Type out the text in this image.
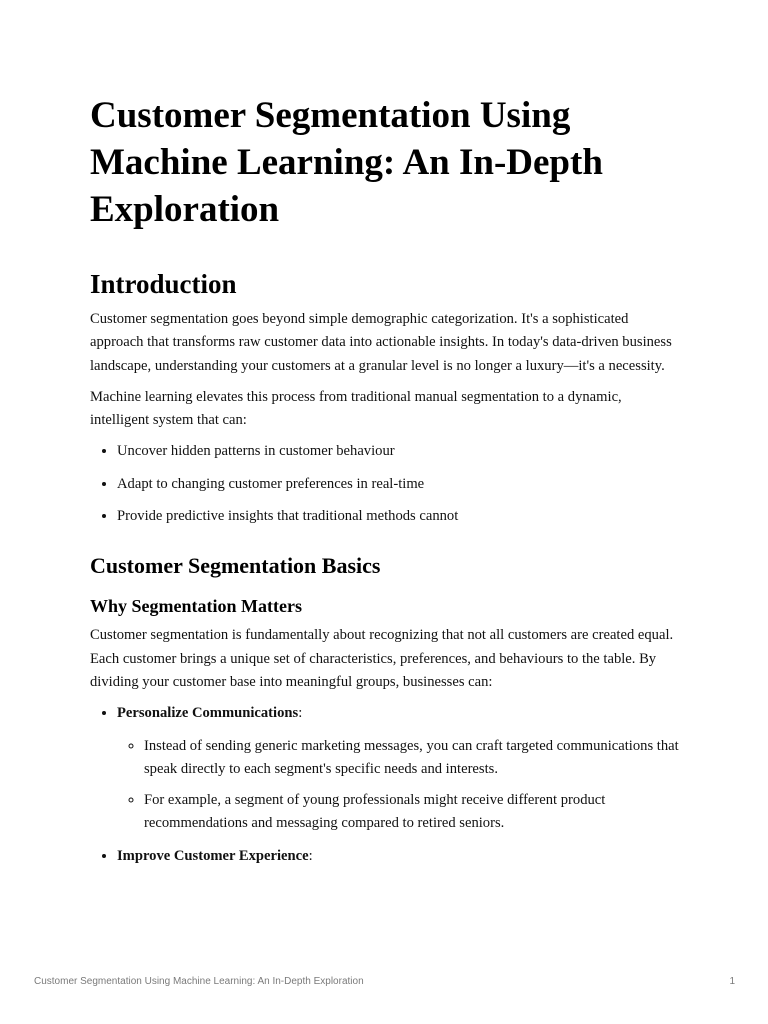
Customer Segmentation Using Machine Learning: An In-Depth Exploration
Introduction

Customer segmentation goes beyond simple demographic categorization. It's a sophisticated approach that transforms raw customer data into actionable insights. In today's data-driven business landscape, understanding your customers at a granular level is no longer a luxury—it's a necessity.

Machine learning elevates this process from traditional manual segmentation to a dynamic, intelligent system that can:

• Uncover hidden patterns in customer behaviour
• Adapt to changing customer preferences in real-time
• Provide predictive insights that traditional methods cannot
Customer Segmentation Basics
Why Segmentation Matters

Customer segmentation is fundamentally about recognizing that not all customers are created equal. Each customer brings a unique set of characteristics, preferences, and behaviours to the table. By dividing your customer base into meaningful groups, businesses can:

• Personalize Communications:
◦ Instead of sending generic marketing messages, you can craft targeted communications that speak directly to each segment's specific needs and interests.
◦ For example, a segment of young professionals might receive different product recommendations and messaging compared to retired seniors.
• Improve Customer Experience:
Customer Segmentation Using Machine Learning: An In-Depth Exploration	1
